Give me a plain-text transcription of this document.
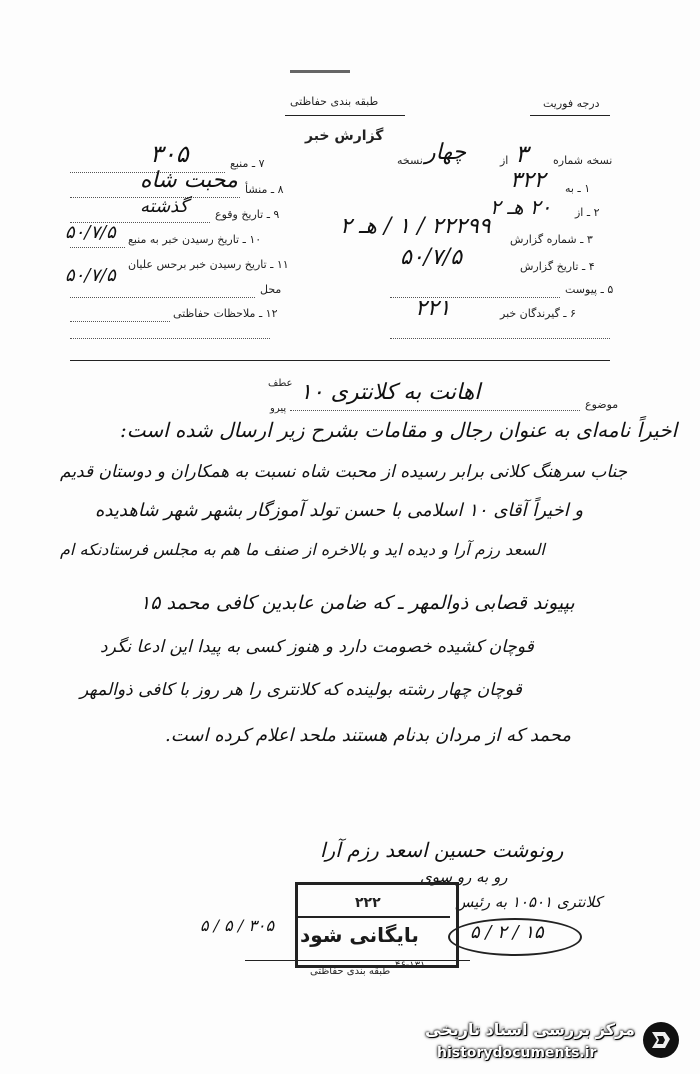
طبقه بندی حفاظتی	درجه فوریت
گزارش خبر
نسخه شماره
از
نسخه
۱ ـ به
۲ ـ از
۳ ـ شماره گزارش
۴ ـ تاریخ گزارش
۵ ـ پیوست
۶ ـ گیرندگان خبر
۷ ـ منبع
۸ ـ منشأ
۹ ـ تاریخ وقوع
۱۰ ـ تاریخ رسیدن خبر به منبع
۱۱ ـ تاریخ رسیدن خبر برحس علیان
محل
۱۲ ـ ملاحظات حفاظتی
۳
چهار
۳۲۲
۲۰ هـ ۲
۲۲۲۹۹ / ۱ / هـ ۲
۵۰/۷/۵
۲۲۱
۳۰۵
محبت شاه
گذشته
۵۰/۷/۵
۵۰/۷/۵
عطف
پیرو	موضوع
اهانت به کلانتری ۱۰
اخیراً نامه‌ای به عنوان رجال و مقامات بشرح زیر ارسال شده است:
جناب سرهنگ کلانی برابر رسیده از محبت شاه نسبت به همکاران و دوستان قدیم
و اخیراً آقای ۱۰ اسلامی با حسن تولد آموزگار بشهر شهر شاهدیده
السعد رزم آرا و دیده اید و بالاخره از صنف ما هم به مجلس فرستادنکه ام
بپیوند قصابی ذوالمهر ـ که ضامن عابدین کافی محمد ۱۵
قوچان کشیده خصومت دارد و هنوز کسی به پیدا این ادعا نگرد
قوچان چهار رشته بولینده که کلانتری را هر روز با کافی ذوالمهر
محمد که از مردان بدنام هستند ملحد اعلام کرده است.
رونوشت حسین اسعد رزم آرا
رو به رو سوی
کلانتری ۱۰۵۰۱ به رئیس
۱۵ / ۲ / ۵
۲۲۲
بایگانی شود
۳۰۵ / ۵ / ۵
طبقه بندی حفاظتی
۴۶-۱۳۱
مرکز بررسی اسناد تاریخی
historydocuments.ir
